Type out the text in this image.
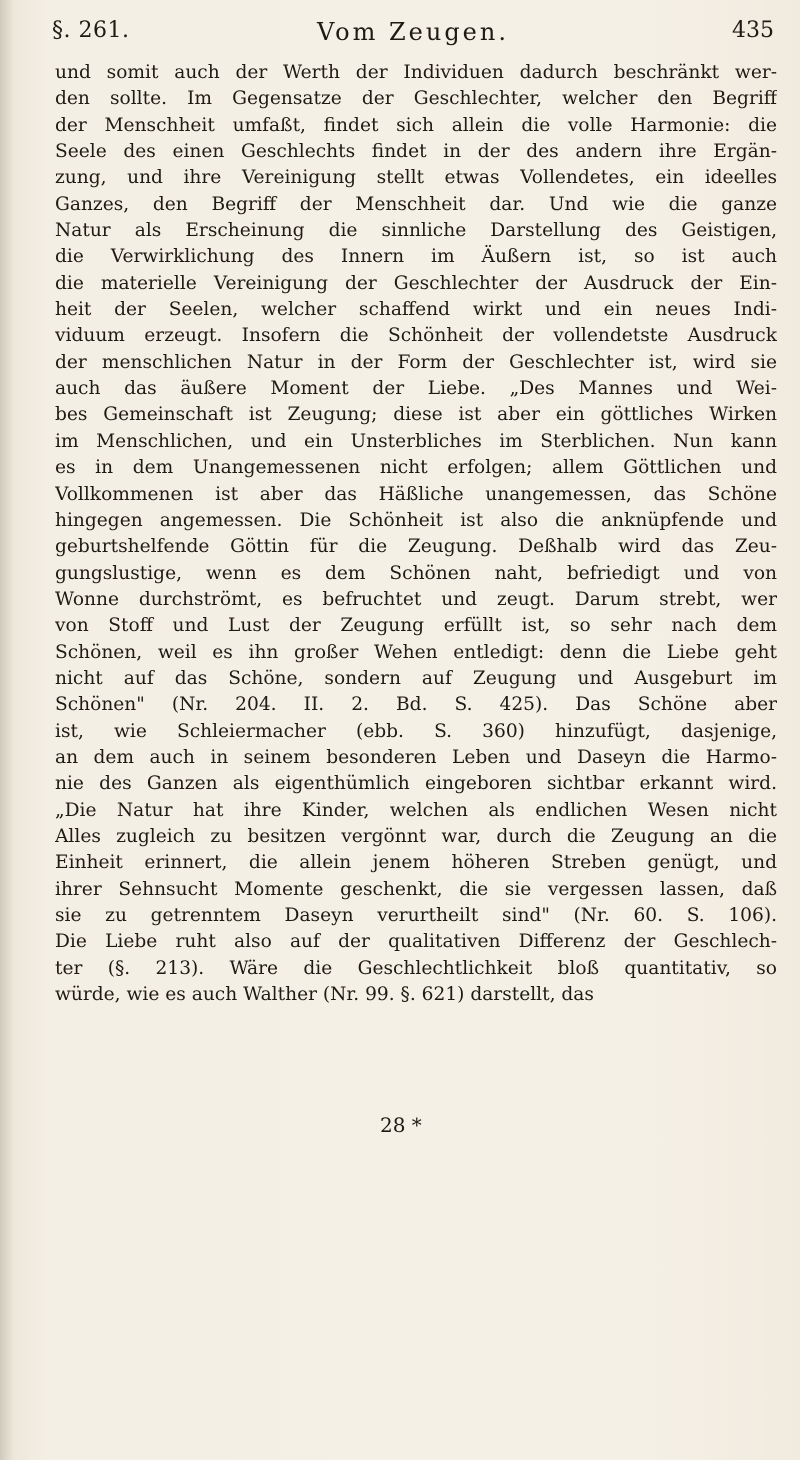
§. 261.	Vom Zeugen.	435
und somit auch der Werth der Individuen dadurch beschränkt wer-
den sollte. Im Gegensatze der Geschlechter, welcher den Begriff
der Menschheit umfaßt, findet sich allein die volle Harmonie: die
Seele des einen Geschlechts findet in der des andern ihre Ergän-
zung, und ihre Vereinigung stellt etwas Vollendetes, ein ideelles
Ganzes, den Begriff der Menschheit dar. Und wie die ganze
Natur als Erscheinung die sinnliche Darstellung des Geistigen,
die Verwirklichung des Innern im Äußern ist, so ist auch
die materielle Vereinigung der Geschlechter der Ausdruck der Ein-
heit der Seelen, welcher schaffend wirkt und ein neues Indi-
viduum erzeugt. Insofern die Schönheit der vollendetste Ausdruck
der menschlichen Natur in der Form der Geschlechter ist, wird sie
auch das äußere Moment der Liebe. „Des Mannes und Wei-
bes Gemeinschaft ist Zeugung; diese ist aber ein göttliches Wirken
im Menschlichen, und ein Unsterbliches im Sterblichen. Nun kann
es in dem Unangemessenen nicht erfolgen; allem Göttlichen und
Vollkommenen ist aber das Häßliche unangemessen, das Schöne
hingegen angemessen. Die Schönheit ist also die anknüpfende und
geburtshelfende Göttin für die Zeugung. Deßhalb wird das Zeu-
gungslustige, wenn es dem Schönen naht, befriedigt und von
Wonne durchströmt, es befruchtet und zeugt. Darum strebt, wer
von Stoff und Lust der Zeugung erfüllt ist, so sehr nach dem
Schönen, weil es ihn großer Wehen entledigt: denn die Liebe geht
nicht auf das Schöne, sondern auf Zeugung und Ausgeburt im
Schönen" (Nr. 204. II. 2. Bd. S. 425). Das Schöne aber
ist, wie Schleiermacher (ebb. S. 360) hinzufügt, dasjenige,
an dem auch in seinem besonderen Leben und Daseyn die Harmo-
nie des Ganzen als eigenthümlich eingeboren sichtbar erkannt wird.
„Die Natur hat ihre Kinder, welchen als endlichen Wesen nicht
Alles zugleich zu besitzen vergönnt war, durch die Zeugung an die
Einheit erinnert, die allein jenem höheren Streben genügt, und
ihrer Sehnsucht Momente geschenkt, die sie vergessen lassen, daß
sie zu getrenntem Daseyn verurtheilt sind" (Nr. 60. S. 106).
Die Liebe ruht also auf der qualitativen Differenz der Geschlech-
ter (§. 213). Wäre die Geschlechtlichkeit bloß quantitativ, so
würde, wie es auch Walther (Nr. 99. §. 621) darstellt, das
28 *
